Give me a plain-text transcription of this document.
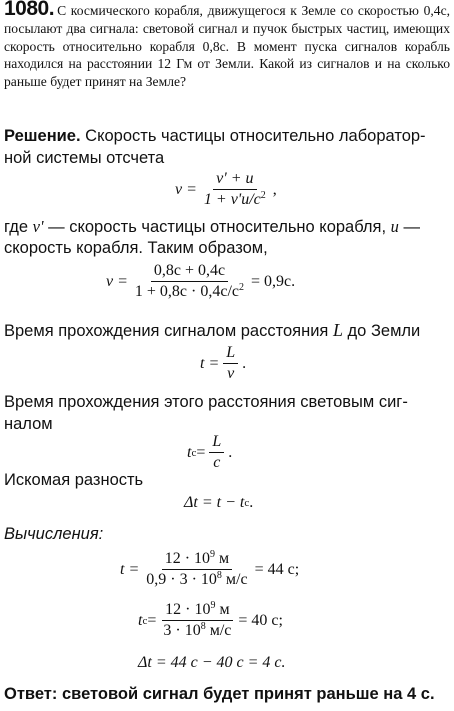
1080. С космического корабля, движущегося к Земле со скоростью 0,4с, посылают два сигнала: световой сигнал и пучок быстрых частиц, имеющих скорость относительно корабля 0,8с. В момент пуска сигналов корабль находился на расстоянии 12 Гм от Земли. Какой из сигналов и на сколько раньше будет принят на Земле?
Решение. Скорость частицы относительно лаборатор-
ной системы отсчета
$v = \frac{v' + u}{1 + v'u/c^2}$ ,
где v' — скорость частицы относительно корабля, u —
скорость корабля. Таким образом,
$v = \frac{0,8c + 0,4c}{1 + 0,8c \cdot 0,4c/c^2} = 0,9c$.
Время прохождения сигналом расстояния L до Земли
$t = \frac{L}{v}$ .
Время прохождения этого расстояния световым сиг-
налом
t $c = \frac{L}{c}$ .
Искомая разность
Δt = t − t c .
Вычисления:
$t = \frac{12 \cdot 10^9 м}{0,9 \cdot 3 \cdot 10^8 м/с} = 44$ с;
t $c = \frac{12 \cdot 10^9 м}{3 \cdot 10^8 м/с} = 40$ с;
Δt = 44 с − 40 с = 4 с.
Ответ: световой сигнал будет принят раньше на 4 с.
